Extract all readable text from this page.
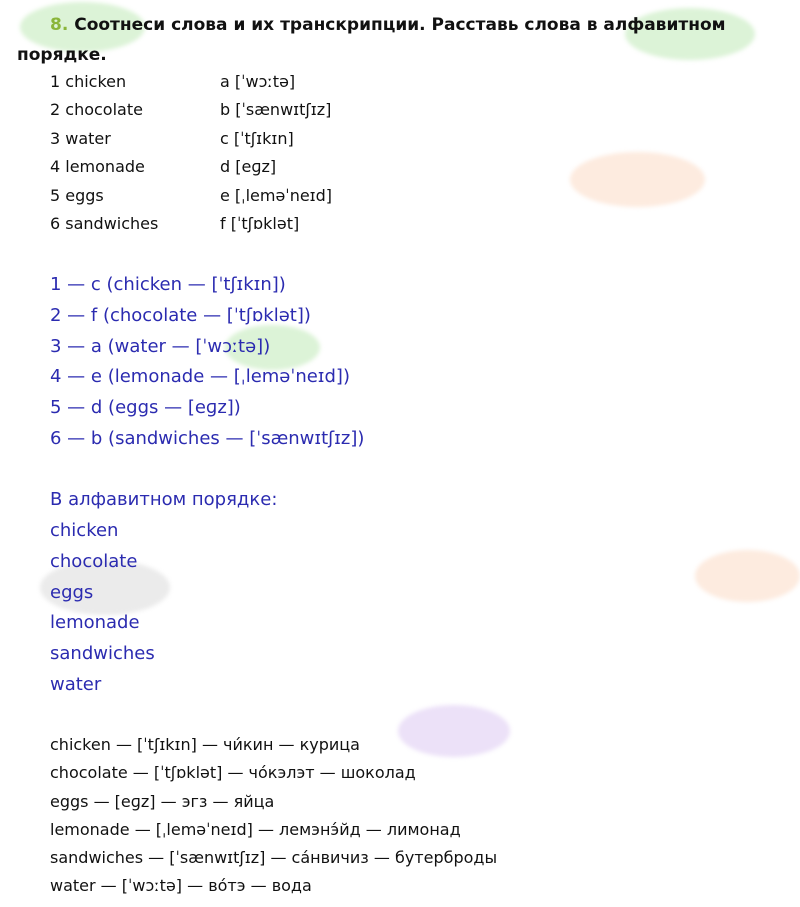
8. Соотнеси слова и их транскрипции. Расставь слова в алфавитном порядке.

1 chicken	a [ˈwɔːtə]
2 chocolate	b [ˈsænwɪtʃɪz]
3 water	c [ˈtʃɪkɪn]
4 lemonade	d [eɡz]
5 eggs	e [ˌleməˈneɪd]
6 sandwiches	f [ˈtʃɒklət]
1 — c (chicken — [ˈtʃɪkɪn])
2 — f (chocolate — [ˈtʃɒklət])
3 — a (water — [ˈwɔːtə])
4 — e (lemonade — [ˌleməˈneɪd])
5 — d (eggs — [eɡz])
6 — b (sandwiches — [ˈsænwɪtʃɪz])
В алфавитном порядке:
chicken
chocolate
eggs
lemonade
sandwiches
water
chicken — [ˈtʃɪkɪn] — чи́кин — курица
chocolate — [ˈtʃɒklət] — чо́кэлэт — шоколад
eggs — [eɡz] — эгз — яйца
lemonade — [ˌleməˈneɪd] — лемэнэ́йд — лимонад
sandwiches — [ˈsænwɪtʃɪz] — са́нвичиз — бутерброды
water — [ˈwɔːtə] — во́тэ — вода
